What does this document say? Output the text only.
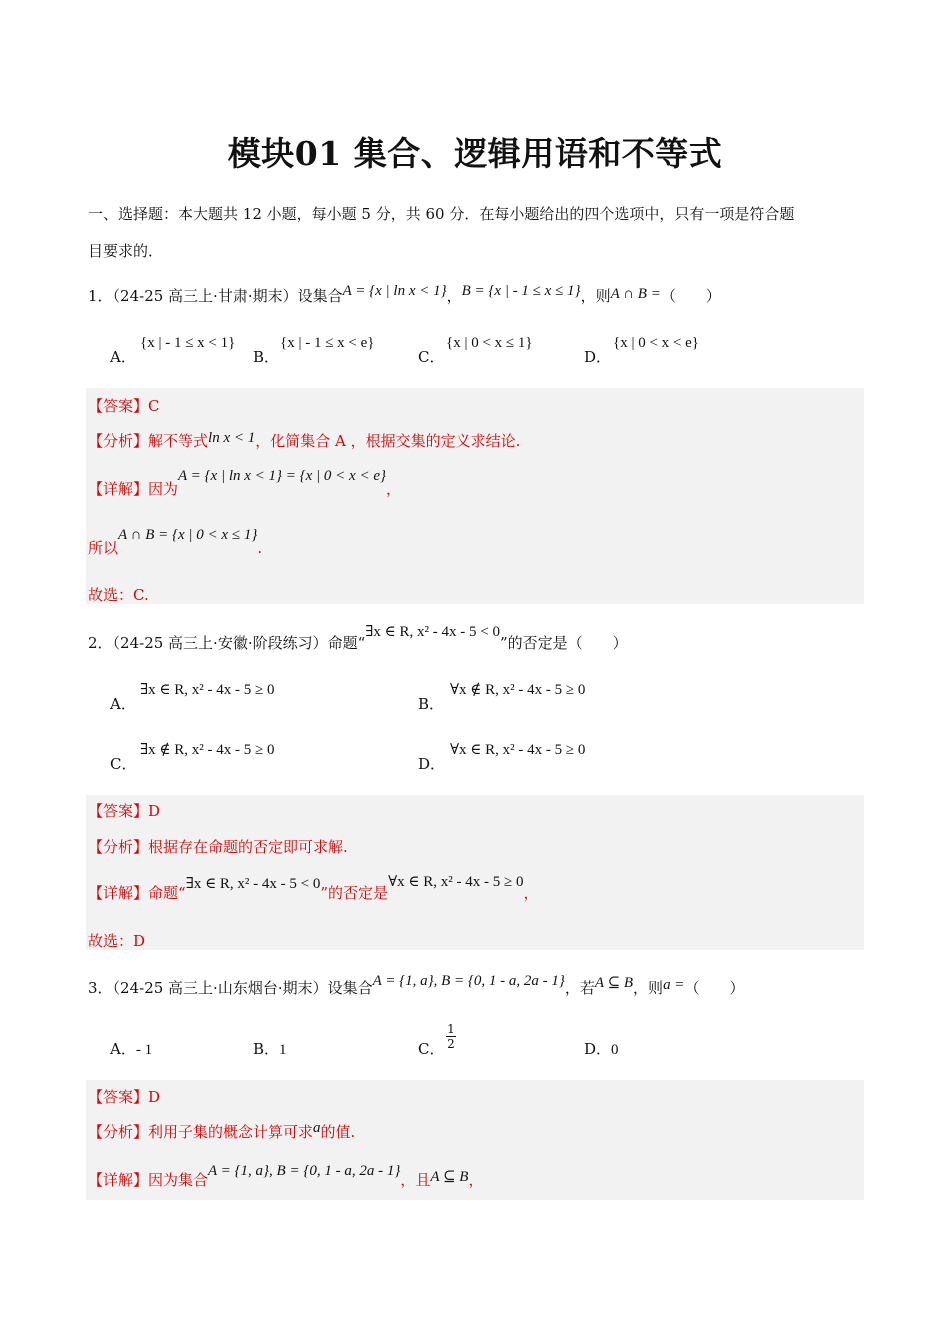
模块01 集合、逻辑用语和不等式
一、选择题：本大题共 12 小题，每小题 5 分，共 60 分．在每小题给出的四个选项中，只有一项是符合题
目要求的．
1．（24-25 高三上·甘肃·期末）设集合A = {x | ln x < 1}，B = {x | - 1 ≤ x ≤ 1}，则A ∩ B =（　　）
A．
{x | - 1 ≤ x < 1}
B．
{x | - 1 ≤ x < e}
C．
{x | 0 < x ≤ 1}
D．
{x | 0 < x < e}
【答案】C
【分析】解不等式ln x < 1，化简集合 A ，根据交集的定义求结论.
【详解】因为A = {x | ln x < 1} = {x | 0 < x < e}，
所以A ∩ B = {x | 0 < x ≤ 1}.
故选：C.
2．（24-25 高三上·安徽·阶段练习）命题“∃x ∈ R, x² - 4x - 5 < 0”的否定是（　　）
A．
∃x ∈ R, x² - 4x - 5 ≥ 0
B．
∀x ∉ R, x² - 4x - 5 ≥ 0
C．
∃x ∉ R, x² - 4x - 5 ≥ 0
D．
∀x ∈ R, x² - 4x - 5 ≥ 0
【答案】D
【分析】根据存在命题的否定即可求解.
【详解】命题“∃x ∈ R, x² - 4x - 5 < 0”的否定是∀x ∈ R, x² - 4x - 5 ≥ 0，
故选：D
3．（24-25 高三上·山东烟台·期末）设集合A = {1, a}, B = {0, 1 - a, 2a - 1}，若A ⊆ B，则a =（　　）
A．- 1	B．1	C．
1
2	D．0
【答案】D
【分析】利用子集的概念计算可求a的值.
【详解】因为集合A = {1, a}, B = {0, 1 - a, 2a - 1}，且A ⊆ B，
